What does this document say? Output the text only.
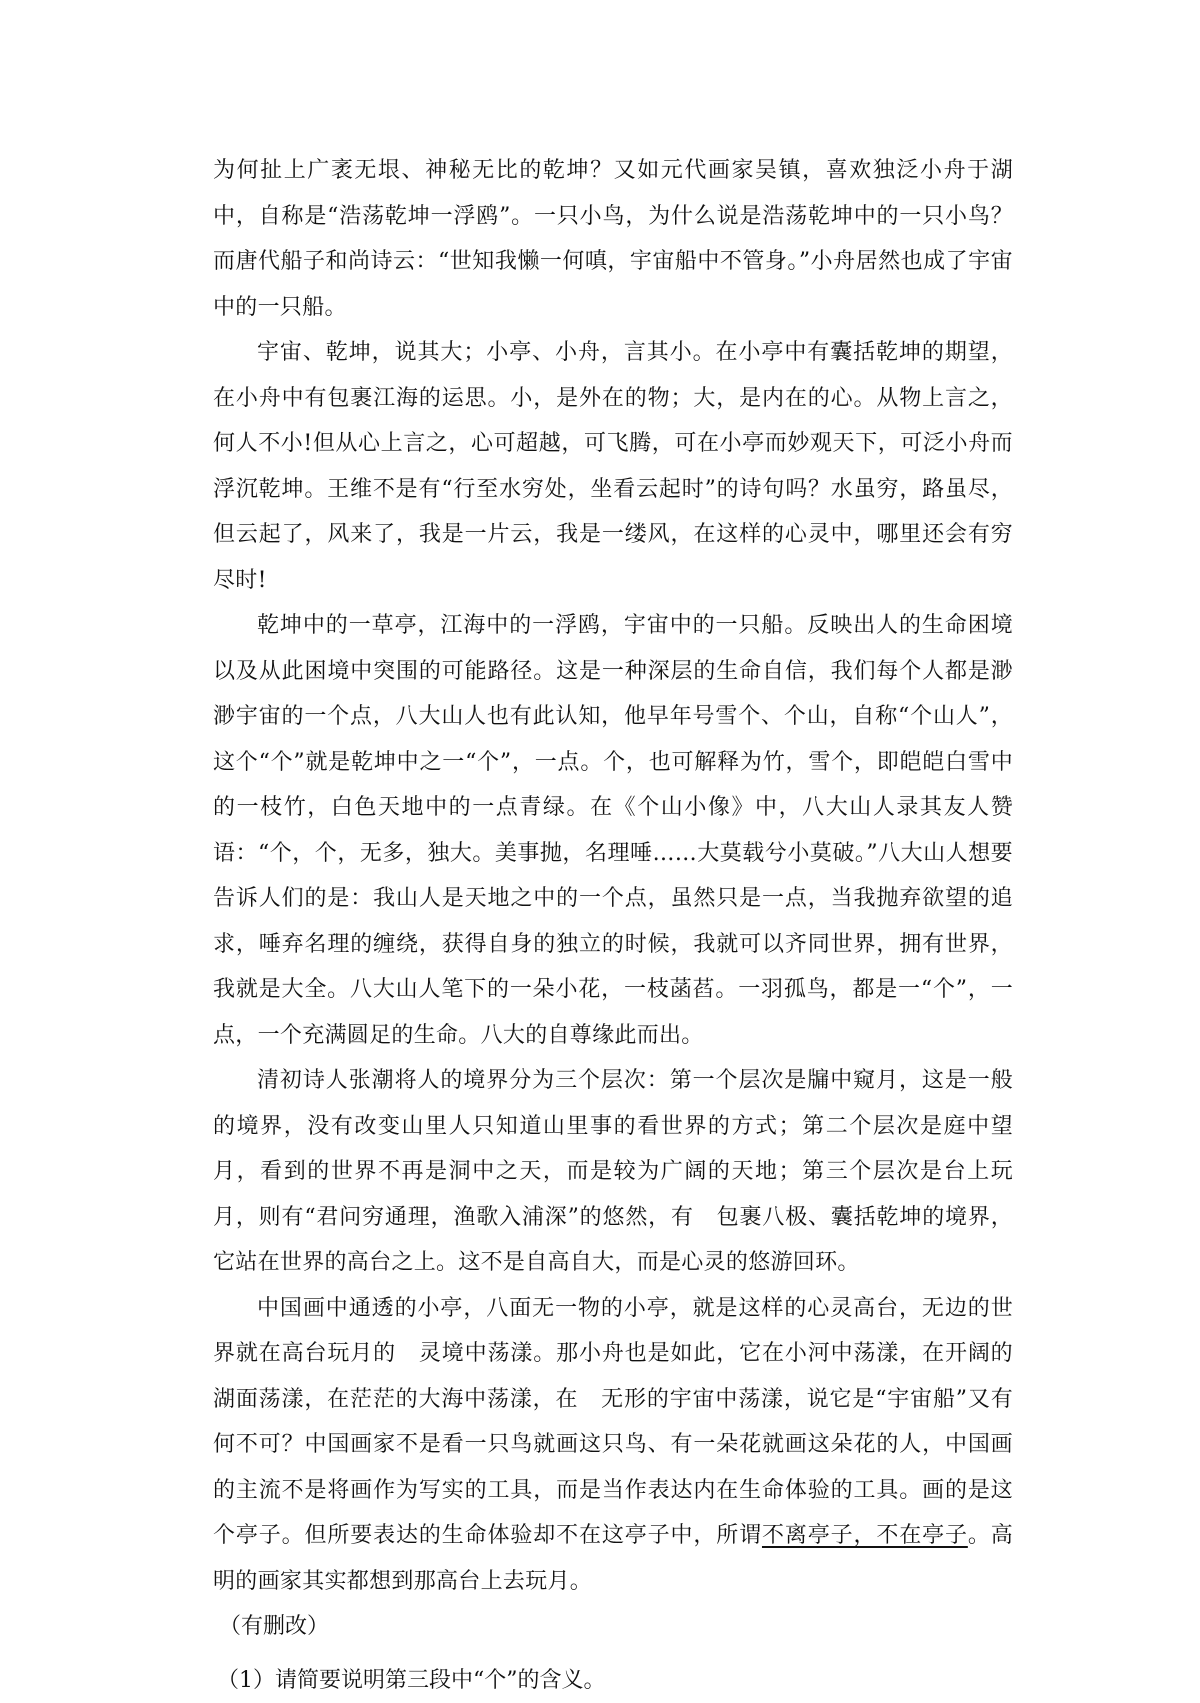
为何扯上广袤无垠、神秘无比的乾坤？又如元代画家吴镇，喜欢独泛小舟于湖中，自称是“浩荡乾坤一浮鸥”。一只小鸟，为什么说是浩荡乾坤中的一只小鸟？而唐代船子和尚诗云：“世知我懒一何嗔，宇宙船中不管身。”小舟居然也成了宇宙中的一只船。

宇宙、乾坤，说其大；小亭、小舟，言其小。在小亭中有囊括乾坤的期望，在小舟中有包裹江海的运思。小，是外在的物；大，是内在的心。从物上言之，何人不小!但从心上言之，心可超越，可飞腾，可在小亭而妙观天下，可泛小舟而浮沉乾坤。王维不是有“行至水穷处，坐看云起时”的诗句吗？水虽穷，路虽尽，但云起了，风来了，我是一片云，我是一缕风，在这样的心灵中，哪里还会有穷尽时!

乾坤中的一草亭，江海中的一浮鸥，宇宙中的一只船。反映出人的生命困境以及从此困境中突围的可能路径。这是一种深层的生命自信，我们每个人都是渺渺宇宙的一个点，八大山人也有此认知，他早年号雪个、个山，自称“个山人”，这个“个”就是乾坤中之一“个”，一点。个，也可解释为竹，雪个，即皑皑白雪中的一枝竹，白色天地中的一点青绿。在《个山小像》中，八大山人录其友人赞语：“个，个，无多，独大。美事抛，名理唾……大莫载兮小莫破。”八大山人想要告诉人们的是：我山人是天地之中的一个点，虽然只是一点，当我抛弃欲望的追求，唾弃名理的缠绕，获得自身的独立的时候，我就可以齐同世界，拥有世界，我就是大全。八大山人笔下的一朵小花，一枝菡萏。一羽孤鸟，都是一“个”，一点，一个充满圆足的生命。八大的自尊缘此而出。

清初诗人张潮将人的境界分为三个层次：第一个层次是牖中窥月，这是一般的境界，没有改变山里人只知道山里事的看世界的方式；第二个层次是庭中望月，看到的世界不再是洞中之天，而是较为广阔的天地；第三个层次是台上玩月，则有“君问穷通理，渔歌入浦深”的悠然，有　包裹八极、囊括乾坤的境界，它站在世界的高台之上。这不是自高自大，而是心灵的悠游回环。

中国画中通透的小亭，八面无一物的小亭，就是这样的心灵高台，无边的世界就在高台玩月的　灵境中荡漾。那小舟也是如此，它在小河中荡漾，在开阔的湖面荡漾，在茫茫的大海中荡漾，在　无形的宇宙中荡漾，说它是“宇宙船”又有何不可？中国画家不是看一只鸟就画这只鸟、有一朵花就画这朵花的人，中国画的主流不是将画作为写实的工具，而是当作表达内在生命体验的工具。画的是这个亭子。但所要表达的生命体验却不在这亭子中，所谓不离亭子，不在亭子。高明的画家其实都想到那高台上去玩月。

（有删改）

（1）请简要说明第三段中“个”的含义。
